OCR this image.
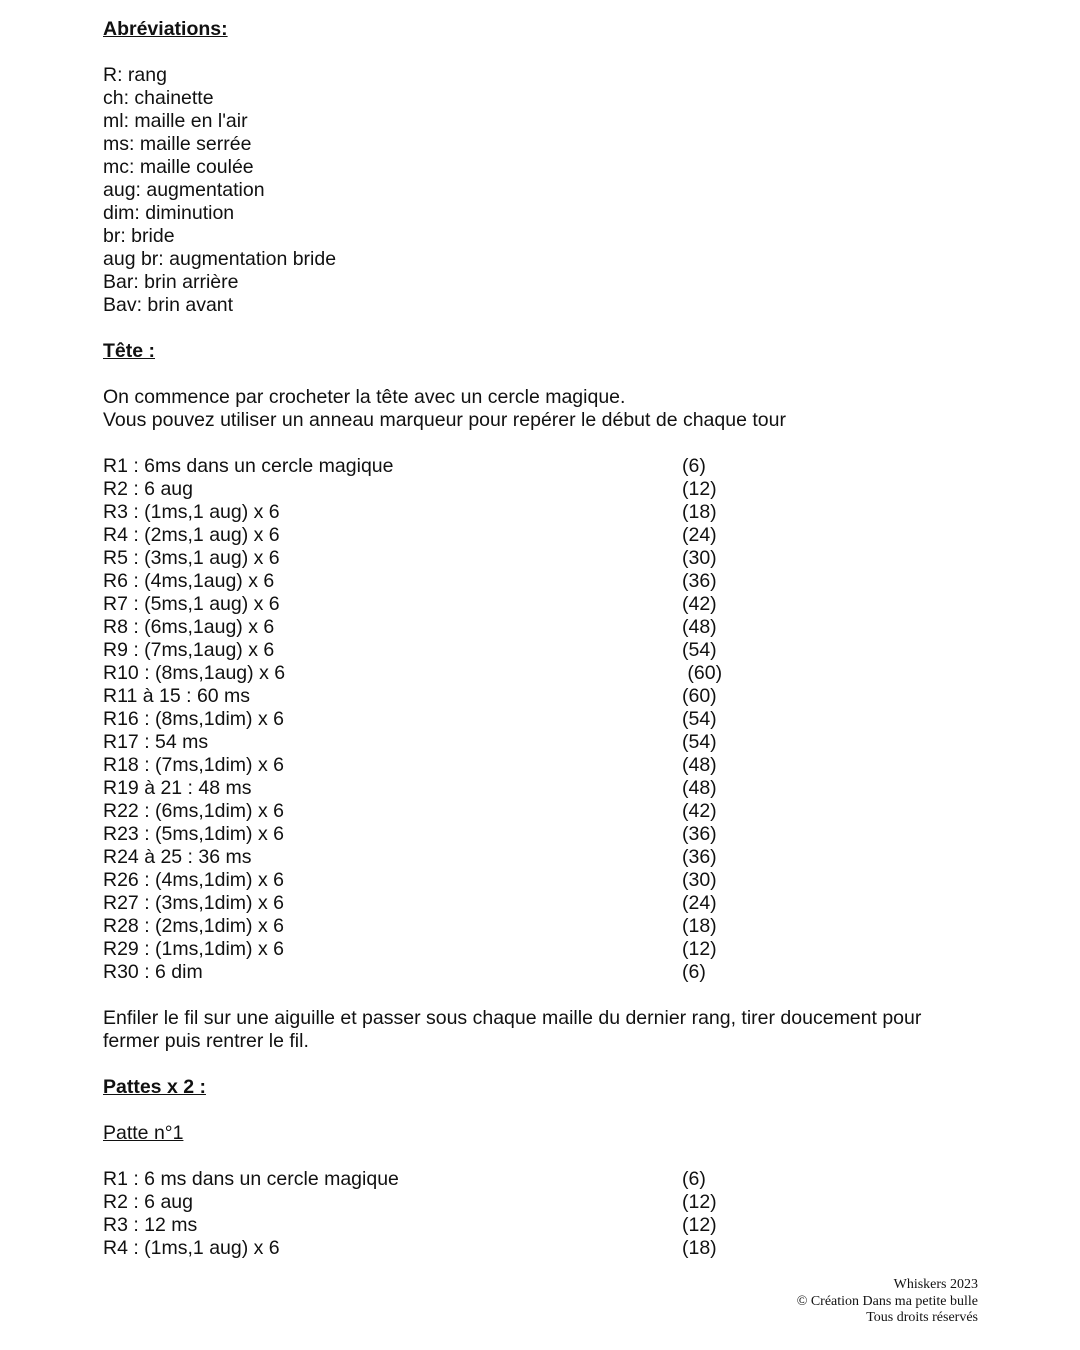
Abréviations:
R: rang
ch: chainette
ml: maille en l'air
ms: maille serrée
mc: maille coulée
aug: augmentation
dim: diminution
br: bride
aug br: augmentation bride
Bar: brin arrière
Bav: brin avant
Tête :
On commence par crocheter la tête avec un cercle magique.
Vous pouvez utiliser un anneau marqueur pour repérer le début de chaque tour
R1 : 6ms dans un cercle magique	(6)
R2 : 6 aug	(12)
R3 : (1ms,1 aug) x 6	(18)
R4 : (2ms,1 aug) x 6	(24)
R5 : (3ms,1 aug) x 6	(30)
R6 : (4ms,1aug) x 6	(36)
R7 : (5ms,1 aug) x 6	(42)
R8 : (6ms,1aug) x 6	(48)
R9 : (7ms,1aug) x 6	(54)
R10 : (8ms,1aug) x 6	(60)
R11 à 15 : 60 ms	(60)
R16 : (8ms,1dim) x 6	(54)
R17 : 54 ms	(54)
R18 : (7ms,1dim) x 6	(48)
R19 à 21 : 48 ms	(48)
R22 : (6ms,1dim) x 6	(42)
R23 : (5ms,1dim) x 6	(36)
R24 à 25 : 36 ms	(36)
R26 : (4ms,1dim) x 6	(30)
R27 : (3ms,1dim) x 6	(24)
R28 : (2ms,1dim) x 6	(18)
R29 : (1ms,1dim) x 6	(12)
R30 : 6 dim	(6)
Enfiler le fil sur une aiguille et passer sous chaque maille du dernier rang, tirer doucement pour fermer puis rentrer le fil.
Pattes x 2 :
Patte n°1
R1 : 6 ms dans un cercle magique	(6)
R2 : 6 aug	(12)
R3 : 12 ms	(12)
R4 : (1ms,1 aug) x 6	(18)
Whiskers 2023
© Création Dans ma petite bulle
Tous droits réservés
